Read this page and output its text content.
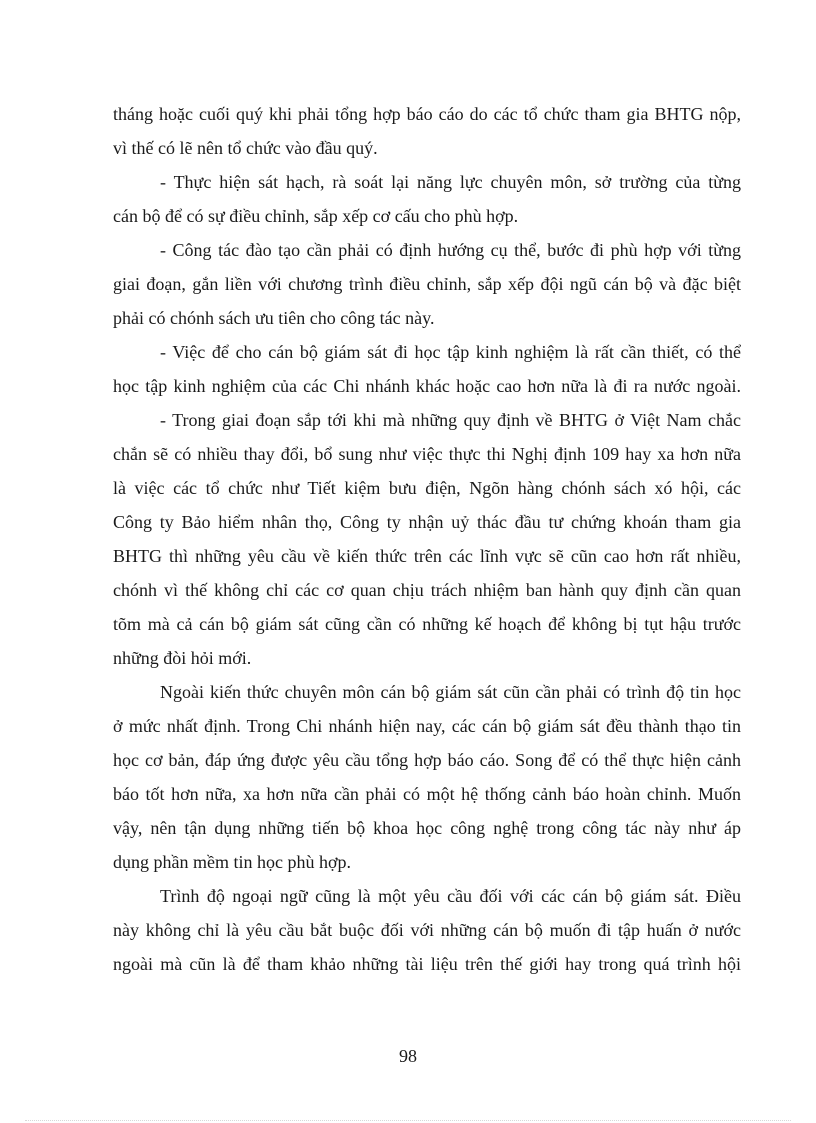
tháng hoặc cuối quý khi phải tổng hợp báo cáo do các tổ chức tham gia BHTG nộp,
vì thế có lẽ nên tổ chức vào đầu quý.
- Thực hiện sát hạch, rà soát lại năng lực chuyên môn, sở trường của từng
cán bộ để có sự điều chỉnh, sắp xếp cơ cấu cho phù hợp.
- Công tác đào tạo cần phải có định hướng cụ thể, bước đi phù hợp với từng
giai đoạn, gắn liền với chương trình điều chỉnh, sắp xếp đội ngũ cán bộ và đặc biệt
phải có chónh sách ưu tiên cho công tác này.
- Việc để cho cán bộ giám sát đi học tập kinh nghiệm là rất cần thiết, có thể
học tập kinh nghiệm của các Chi nhánh khác hoặc cao hơn nữa là đi ra nước ngoài.
- Trong giai đoạn sắp tới khi mà những quy định về BHTG ở Việt Nam chắc
chắn sẽ có nhiều thay đổi, bổ sung như việc thực thi Nghị định 109 hay xa hơn nữa
là việc các tổ chức như Tiết kiệm bưu điện, Ngõn hàng chónh sách xó hội, các
Công ty Bảo hiểm nhân thọ, Công ty nhận uỷ thác đầu tư chứng khoán tham gia
BHTG thì những yêu cầu về kiến thức trên các lĩnh vực sẽ cũn cao hơn rất nhiều,
chónh vì thế không chỉ các cơ quan chịu trách nhiệm ban hành quy định cần quan
tõm mà cả cán bộ giám sát cũng cần có những kế hoạch để không bị tụt hậu trước
những đòi hỏi mới.
Ngoài kiến thức chuyên môn cán bộ giám sát cũn cần phải có trình độ tin học
ở mức nhất định. Trong Chi nhánh hiện nay, các cán bộ giám sát đều thành thạo tin
học cơ bản, đáp ứng được yêu cầu tổng hợp báo cáo. Song để có thể thực hiện cảnh
báo tốt hơn nữa, xa hơn nữa cần phải có một hệ thống cảnh báo hoàn chỉnh. Muốn
vậy, nên tận dụng những tiến bộ khoa học công nghệ trong công tác này như áp
dụng phần mềm tin học phù hợp.
Trình độ ngoại ngữ cũng là một yêu cầu đối với các cán bộ giám sát. Điều
này không chỉ là yêu cầu bắt buộc đối với những cán bộ muốn đi tập huấn ở nước
ngoài mà cũn là để tham khảo những tài liệu trên thế giới hay trong quá trình hội
98
